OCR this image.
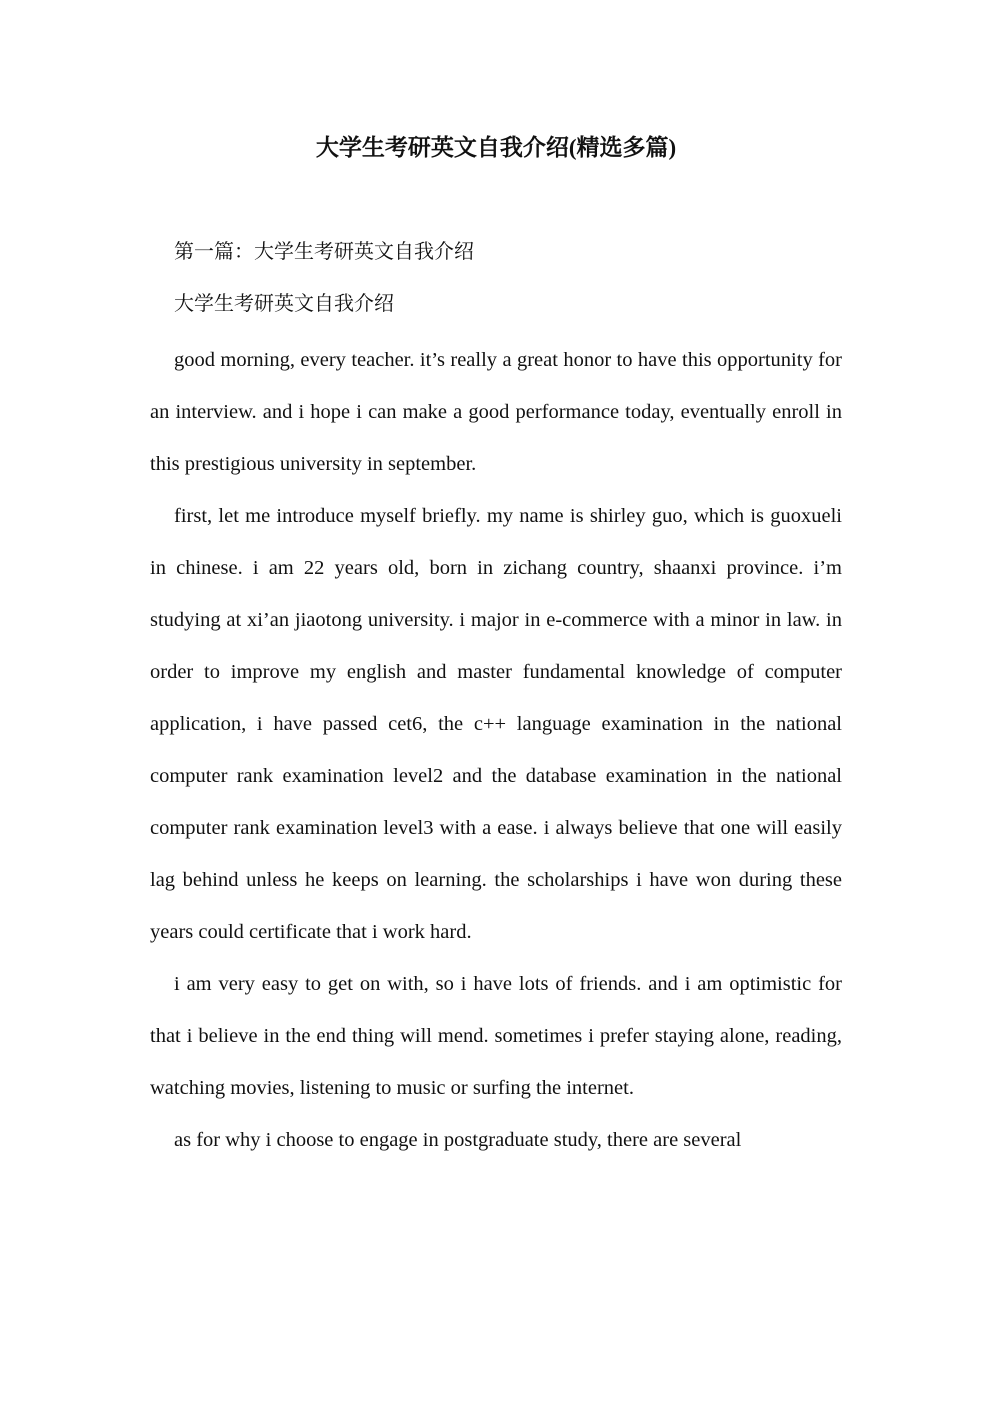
大学生考研英文自我介绍(精选多篇)
第一篇：大学生考研英文自我介绍
大学生考研英文自我介绍

good morning, every teacher. it’s really a great honor to have this opportunity for an interview. and i hope i can make a good performance today, eventually enroll in this prestigious university in september.

first, let me introduce myself briefly. my name is shirley guo, which is guoxueli in chinese. i am 22 years old, born in zichang country, shaanxi province. i’m studying at xi’an jiaotong university. i major in e-commerce with a minor in law. in order to improve my english and master fundamental knowledge of computer application, i have passed cet6, the c++ language examination in the national computer rank examination level2 and the database examination in the national computer rank examination level3 with a ease. i always believe that one will easily lag behind unless he keeps on learning. the scholarships i have won during these years could certificate that i work hard.

i am very easy to get on with, so i have lots of friends. and i am optimistic for that i believe in the end thing will mend. sometimes i prefer staying alone, reading, watching movies, listening to music or surfing the internet.

as for why i choose to engage in postgraduate study, there are several
